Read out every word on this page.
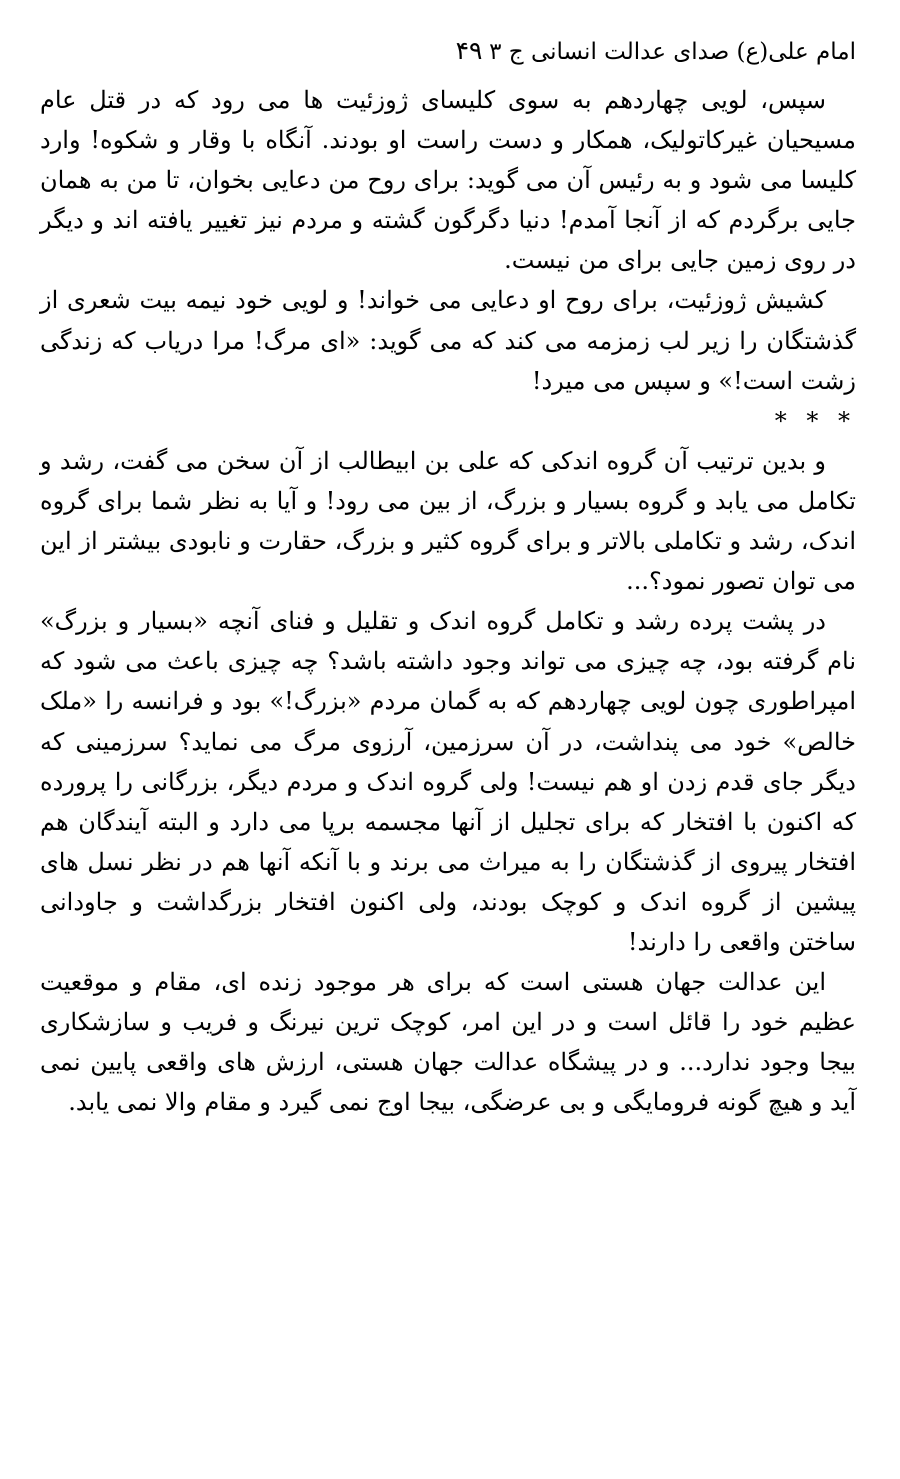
امام علی(ع) صدای عدالت انسانی ج ۳
۴۹

سپس، لویی چهاردهم به سوی کلیسای ژوزئیت ها می رود که در قتل عام مسیحیان غیرکاتولیک، همکار و دست راست او بودند. آنگاه با وقار و شکوه! وارد کلیسا می شود و به رئیس آن می گوید: برای روح من دعایی بخوان، تا من به همان جایی برگردم که از آنجا آمدم! دنیا دگرگون گشته و مردم نیز تغییر یافته اند و دیگر در روی زمین جایی برای من نیست.

کشیش ژوزئیت، برای روح او دعایی می خواند! و لویی خود نیمه بیت شعری از گذشتگان را زیر لب زمزمه می کند که می گوید: «ای مرگ! مرا دریاب که زندگی زشت است!» و سپس می میرد!

* * *

و بدین ترتیب آن گروه اندکی که علی بن ابیطالب از آن سخن می گفت، رشد و تکامل می یابد و گروه بسیار و بزرگ، از بین می رود! و آیا به نظر شما برای گروه اندک، رشد و تکاملی بالاتر و برای گروه کثیر و بزرگ، حقارت و نابودی بیشتر از این می توان تصور نمود؟...

در پشت پرده رشد و تکامل گروه اندک و تقلیل و فنای آنچه «بسیار و بزرگ» نام گرفته بود، چه چیزی می تواند وجود داشته باشد؟ چه چیزی باعث می شود که امپراطوری چون لویی چهاردهم که به گمان مردم «بزرگ!» بود و فرانسه را «ملک خالص» خود می پنداشت، در آن سرزمین، آرزوی مرگ می نماید؟ سرزمینی که دیگر جای قدم زدن او هم نیست! ولی گروه اندک و مردم دیگر، بزرگانی را پرورده که اکنون با افتخار که برای تجلیل از آنها مجسمه برپا می دارد و البته آیندگان هم افتخار پیروی از گذشتگان را به میراث می برند و با آنکه آنها هم در نظر نسل های پیشین از گروه اندک و کوچک بودند، ولی اکنون افتخار بزرگداشت و جاودانی ساختن واقعی را دارند!

این عدالت جهان هستی است که برای هر موجود زنده ای، مقام و موقعیت عظیم خود را قائل است و در این امر، کوچک ترین نیرنگ و فریب و سازشکاری بیجا وجود ندارد... و در پیشگاه عدالت جهان هستی، ارزش های واقعی پایین نمی آید و هیچ گونه فرومایگی و بی عرضگی، بیجا اوج نمی گیرد و مقام والا نمی یابد.
